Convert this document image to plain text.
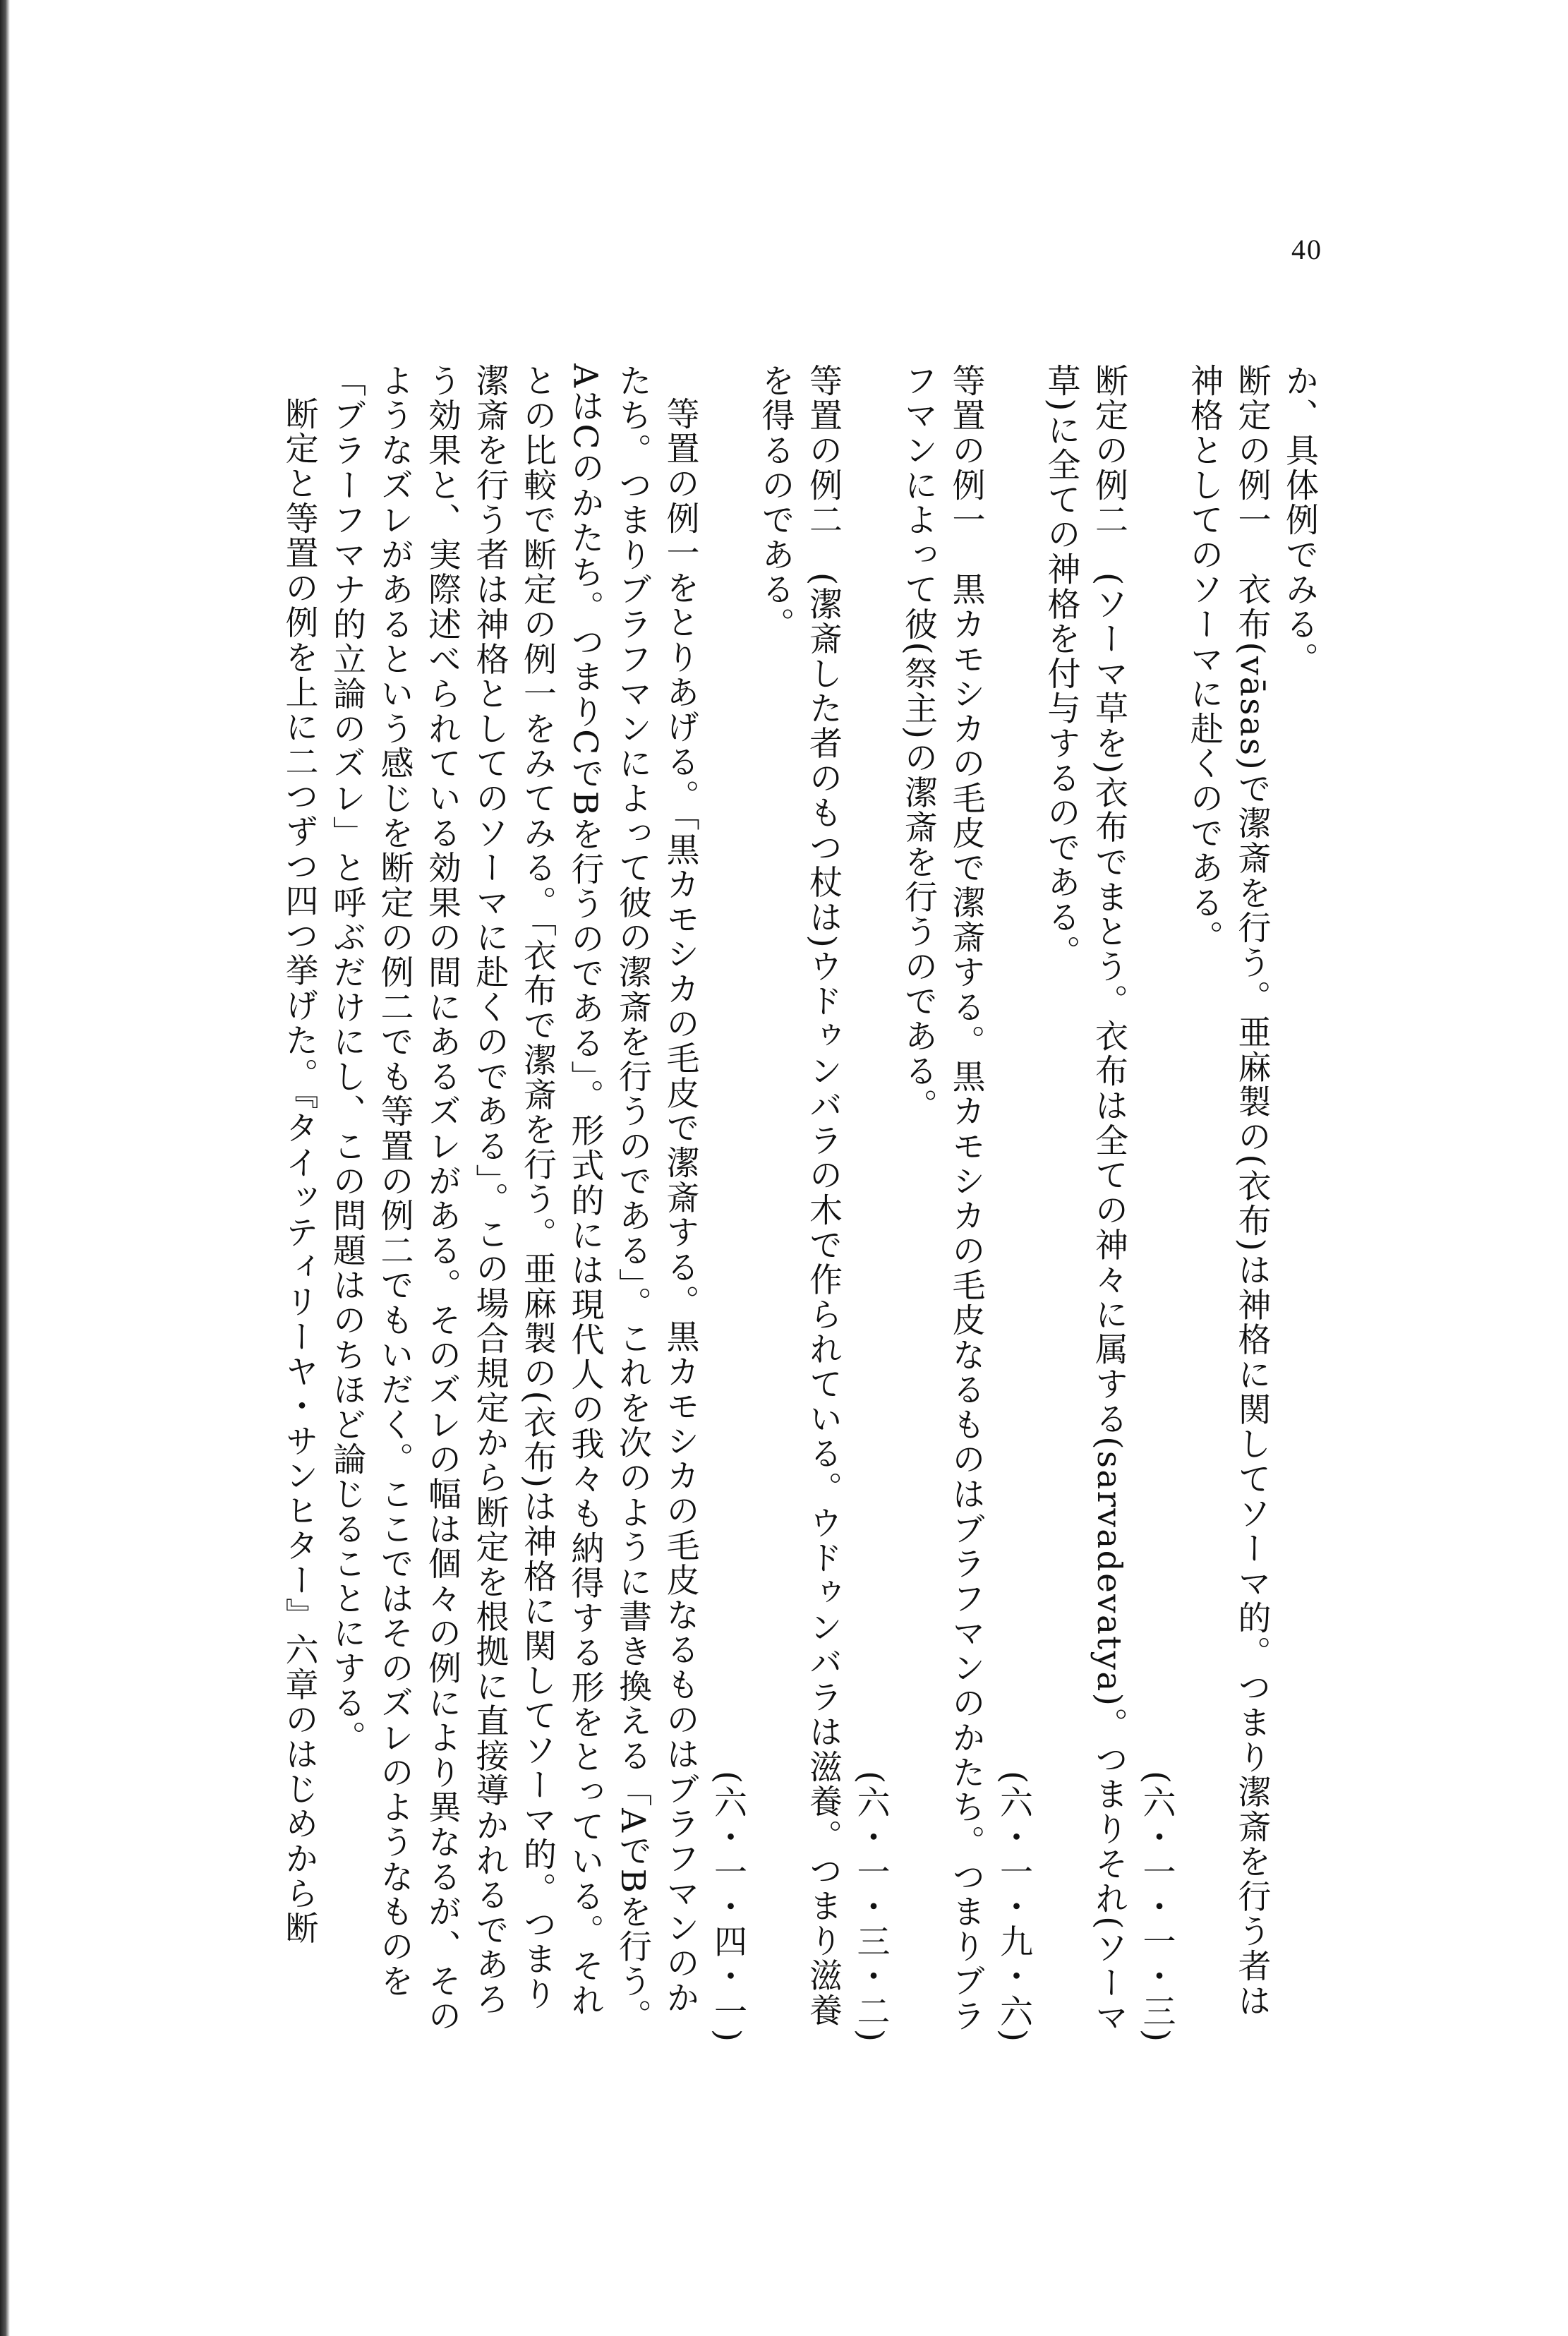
40

か、具体例でみる。

断定の例一　衣布(vāsas)で潔斎を行う。亜麻製の(衣布)は神格に関してソーマ的。つまり潔斎を行う者は神格としてのソーマに赴くのである。
(六・一・一・三)

断定の例二　(ソーマ草を)衣布でまとう。衣布は全ての神々に属する(sarvadevatya)。つまりそれ(ソーマ草)に全ての神格を付与するのである。
(六・一・九・六)

等置の例一　黒カモシカの毛皮で潔斎する。黒カモシカの毛皮なるものはブラフマンのかたち。つまりブラフマンによって彼(祭主)の潔斎を行うのである。
(六・一・三・二)

等置の例二　(潔斎した者のもつ杖は)ウドゥンバラの木で作られている。ウドゥンバラは滋養。つまり滋養を得るのである。
(六・一・四・一)

等置の例一をとりあげる。「黒カモシカの毛皮で潔斎する。黒カモシカの毛皮なるものはブラフマンのかたち。つまりブラフマンによって彼の潔斎を行うのである」。これを次のように書き換える「AでBを行う。AはCのかたち。つまりCでBを行うのである」。形式的には現代人の我々も納得する形をとっている。それとの比較で断定の例一をみてみる。「衣布で潔斎を行う。亜麻製の(衣布)は神格に関してソーマ的。つまり潔斎を行う者は神格としてのソーマに赴くのである」。この場合規定から断定を根拠に直接導かれるであろう効果と、実際述べられている効果の間にあるズレがある。そのズレの幅は個々の例により異なるが、そのようなズレがあるという感じを断定の例二でも等置の例二でもいだく。ここではそのズレのようなものを「ブラーフマナ的立論のズレ」と呼ぶだけにし、この問題はのちほど論じることにする。

断定と等置の例を上に二つずつ四つ挙げた。『タイッティリーヤ・サンヒター』六章のはじめから断
